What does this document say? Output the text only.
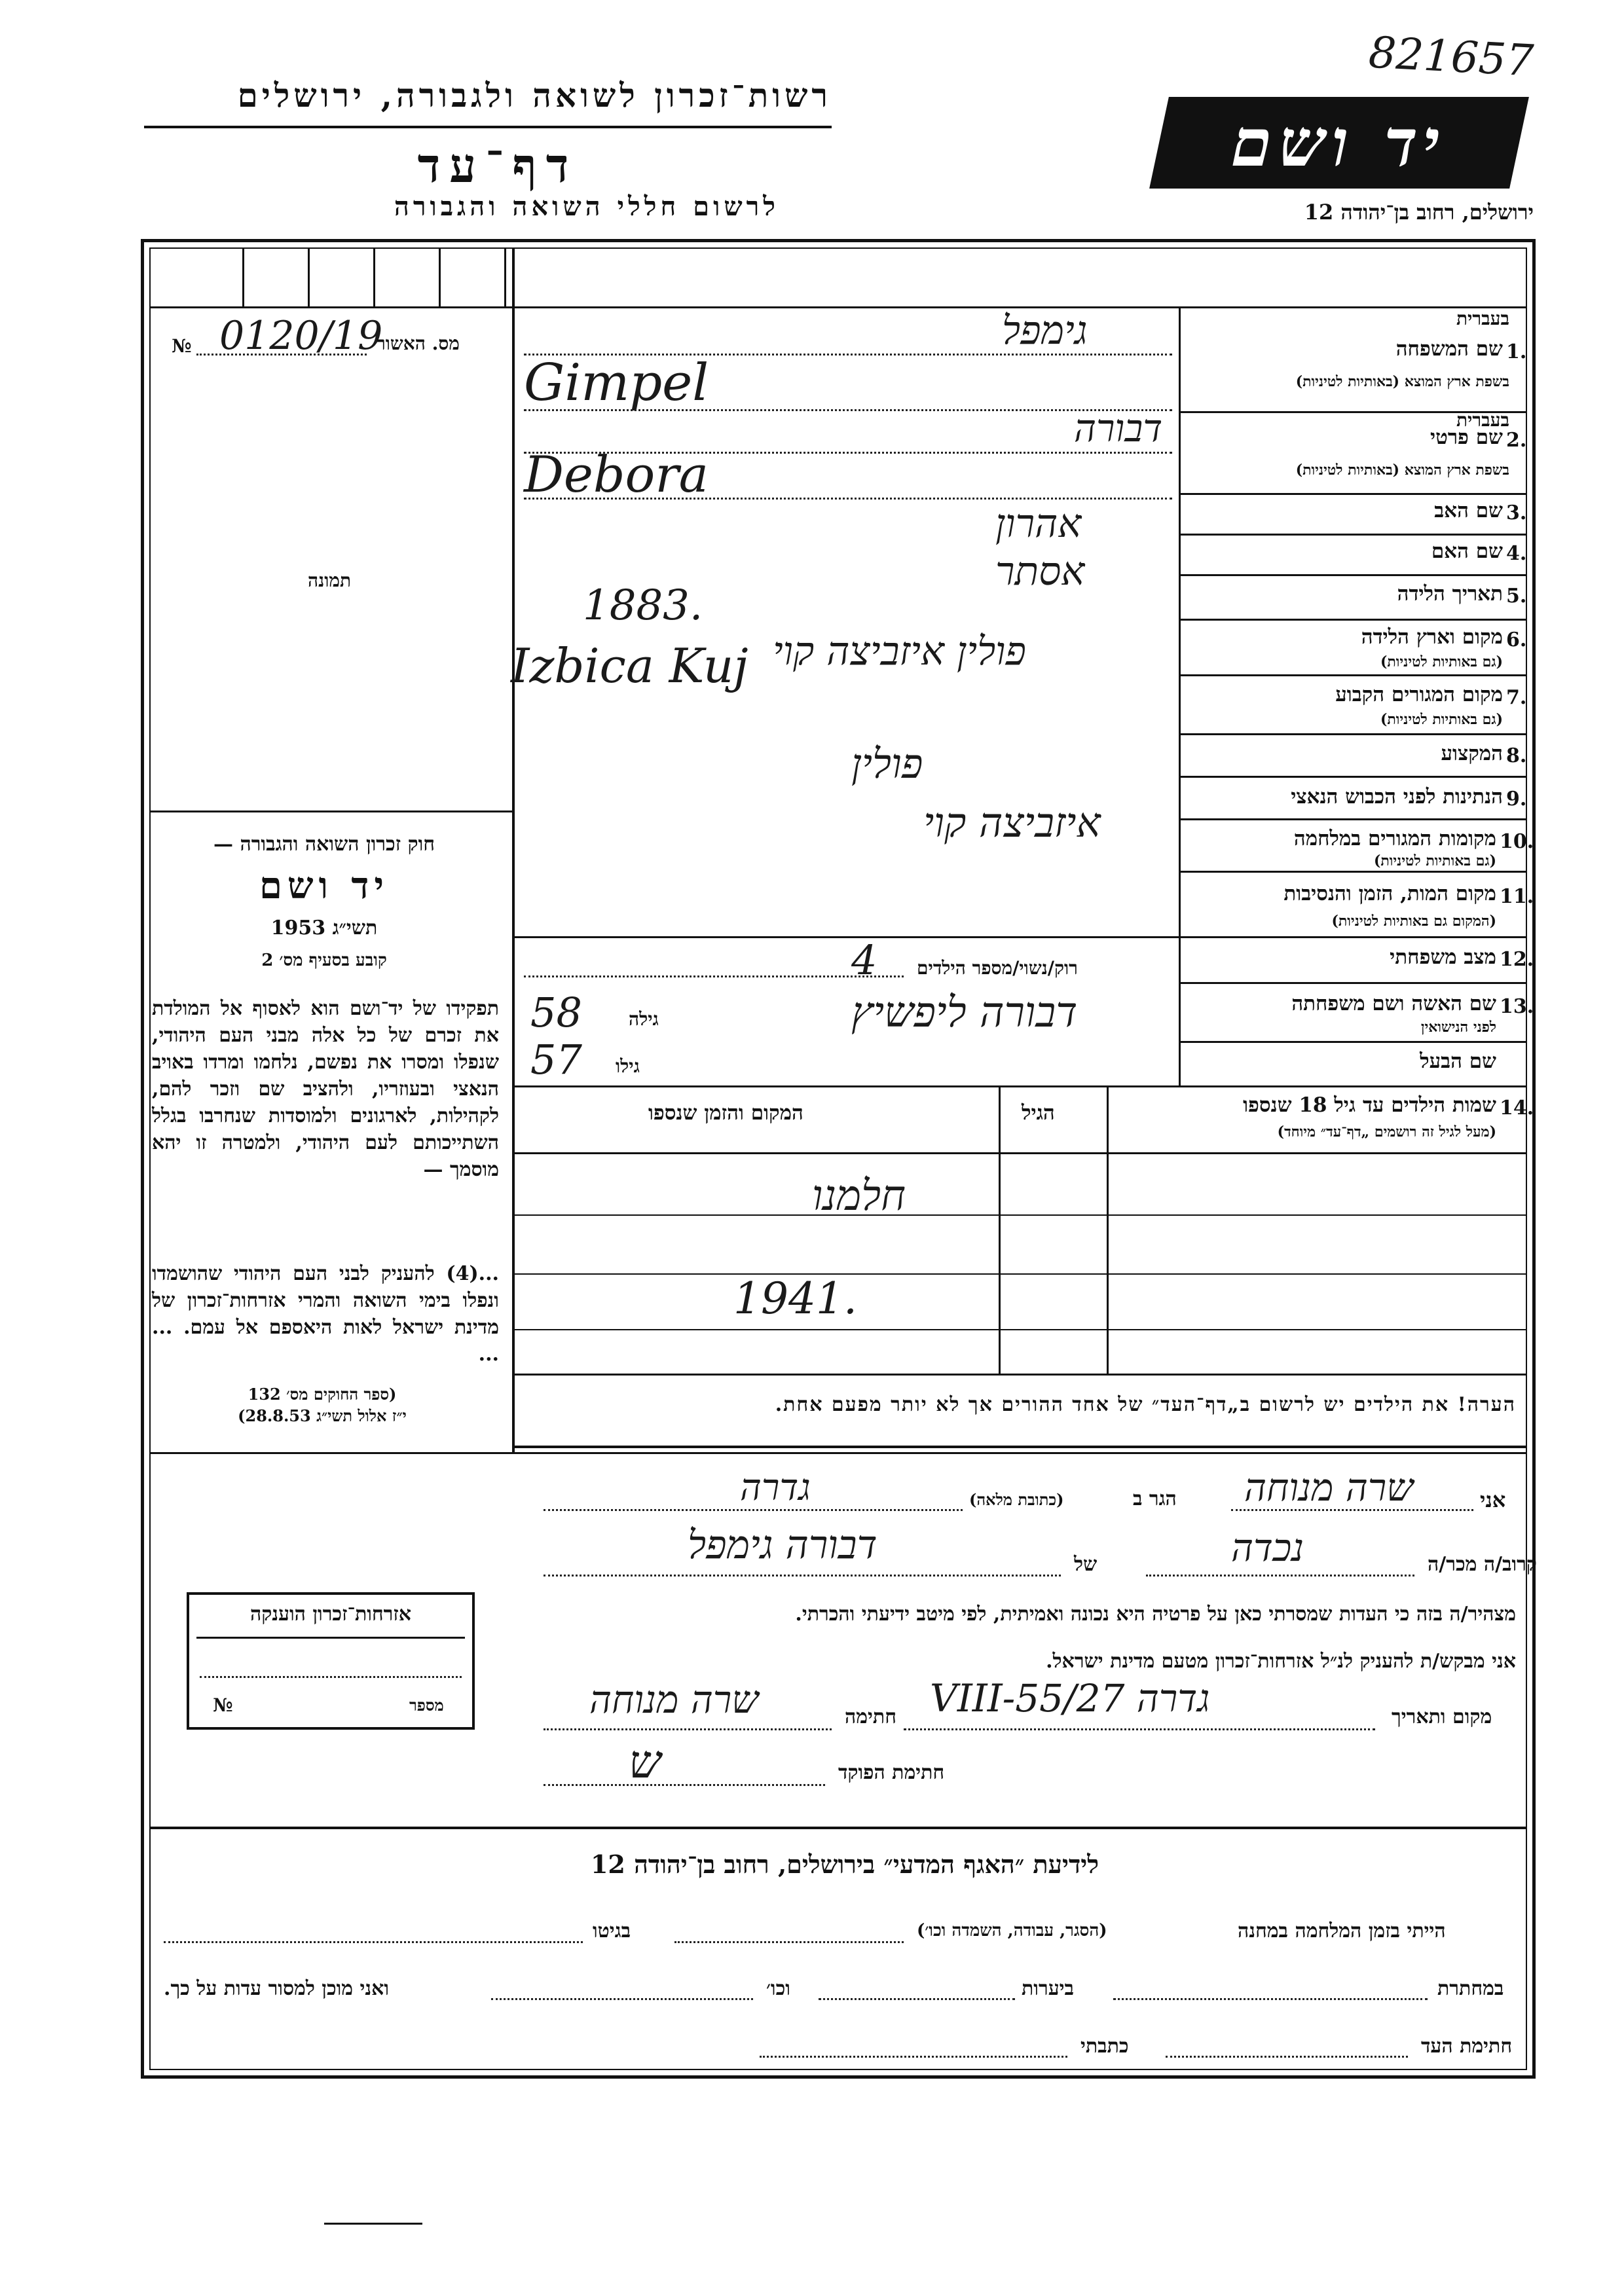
821657
רשות־זכרון לשואה ולגבורה, ירושלים
דף־עד
לרשום חללי השואה והגבורה
יד ושם
ירושלים, רחוב בן־יהודה 12
№ 0120/19
מס. האשור
תמונה
חוק זכרון השואה והגבורה —
יד ושם
תשי״ג 1953
קובע בסעיף מס׳ 2
תפקידו של יד־ושם הוא לאסוף אל המולדת את זכרם של כל אלה מבני העם היהודי, שנפלו ומסרו את נפשם, נלחמו ומרדו באויב הנאצי ובעוזריו, ולהציב שם וזכר להם, לקהילות, לארגונים ולמוסדות שנחרבו בגלל השתייכותם לעם היהודי, ולמטרה זו יהא מוסמך —
...(4) להעניק לבני העם היהודי שהושמדו ונפלו בימי השואה והמרי אזרחות־זכרון של מדינת ישראל לאות היאספם אל עמם. ... ...
(ספר החוקים מס׳ 132
י״ז אלול תשי״ג 28.8.53)
אזרחות־זכרון הוענקה
מספר
№
בעברית
1.
שם המשפחה
בשפת ארץ המוצא (באותיות לטיניות)
בעברית
2.
שם פרטי
בשפת ארץ המוצא (באותיות לטיניות)
3.
שם האב
4.
שם האם
5.
תאריך הלידה
6.
מקום וארץ הלידה
(גם באותיות לטיניות)
7.
מקום המגורים הקבוע
(גם באותיות לטיניות)
8.
המקצוע
9.
הנתינות לפני הכבוש הנאצי
10.
מקומות המגורים במלחמה
(גם באותיות לטיניות)
11.
מקום המות, הזמן והנסיבות
(המקום גם באותיות לטיניות)
12.
מצב משפחתי
13.
שם האשה ושם משפחתה
לפני הנישואין
שם הבעל
גימפל
Gimpel
דבורה
Debora
אהרון
אסתר
1883.
פולין איזביצה קוי
Izbica Kuj
פולין
איזביצה קוי
רוק/נשוי/מספר הילדים
4
דבורה ליפשיץ
גילה
58
גילו
57
14.
שמות הילדים עד גיל 18 שנספו
(מעל לגיל זה רושמים „דף־עד״ מיוחד)
הגיל
המקום והזמן שנספו
חלמנו
1941.
הערה! את הילדים יש לרשום ב„דף־העד״ של אחד ההורים אך לא יותר מפעם אחת.
אני
שרה מנוחה
הגר ב
(כתובת מלאה)
גדרה
קרוב/ה מכר/ה
נכדה
של
דבורה גימפל
מצהיר/ה בזה כי העדות שמסרתי כאן על פרטיה היא נכונה ואמיתית, לפי מיטב ידיעתי והכרתי.
אני מבקש/ת להעניק לנ״ל אזרחות־זכרון מטעם מדינת ישראל.
מקום ותאריך
גדרה 27/VIII-55
חתימה
שרה מנוחה
חתימת הפוקד
ש
לידיעת ״האגף המדעי״ בירושלים, רחוב בן־יהודה 12
הייתי בזמן המלחמה במחנה
(הסגר, עבודה, השמדה וכו׳)
בגיטו
במחתרת
ביערות
וכו׳
ואני מוכן למסור עדות על כך.
חתימת העד
כתבתי
